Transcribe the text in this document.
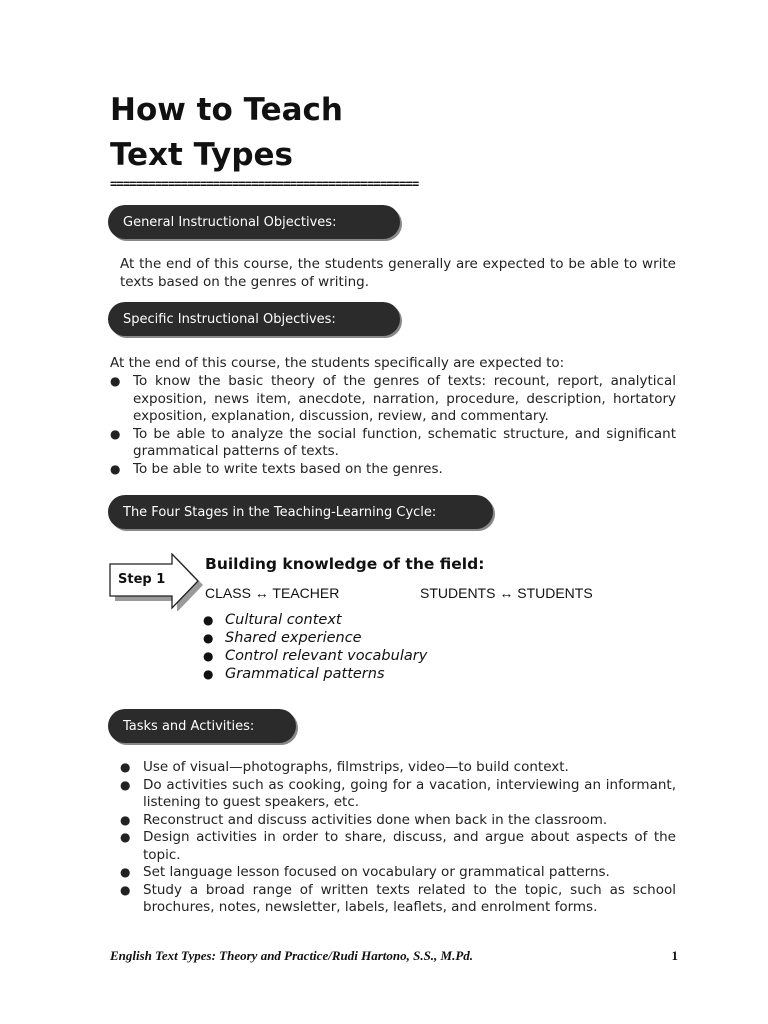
How to Teach
Text Types
================================================
General Instructional Objectives:
At the end of this course, the students generally are expected to be able to write texts based on the genres of writing.
Specific Instructional Objectives:
At the end of this course, the students specifically are expected to:
● To know the basic theory of the genres of texts: recount, report, analytical exposition, news item, anecdote, narration, procedure, description, hortatory exposition, explanation, discussion, review, and commentary.
● To be able to analyze the social function, schematic structure, and significant grammatical patterns of texts.
● To be able to write texts based on the genres.
The Four Stages in the Teaching-Learning Cycle:
Step 1
Building knowledge of the field:
CLASS ↔ TEACHER	STUDENTS ↔ STUDENTS
● Cultural context
● Shared experience
● Control relevant vocabulary
● Grammatical patterns
Tasks and Activities:
● Use of visual—photographs, filmstrips, video—to build context.
● Do activities such as cooking, going for a vacation, interviewing an informant, listening to guest speakers, etc.
● Reconstruct and discuss activities done when back in the classroom.
● Design activities in order to share, discuss, and argue about aspects of the topic.
● Set language lesson focused on vocabulary or grammatical patterns.
● Study a broad range of written texts related to the topic, such as school brochures, notes, newsletter, labels, leaflets, and enrolment forms.
English Text Types: Theory and Practice/Rudi Hartono, S.S., M.Pd.	1
